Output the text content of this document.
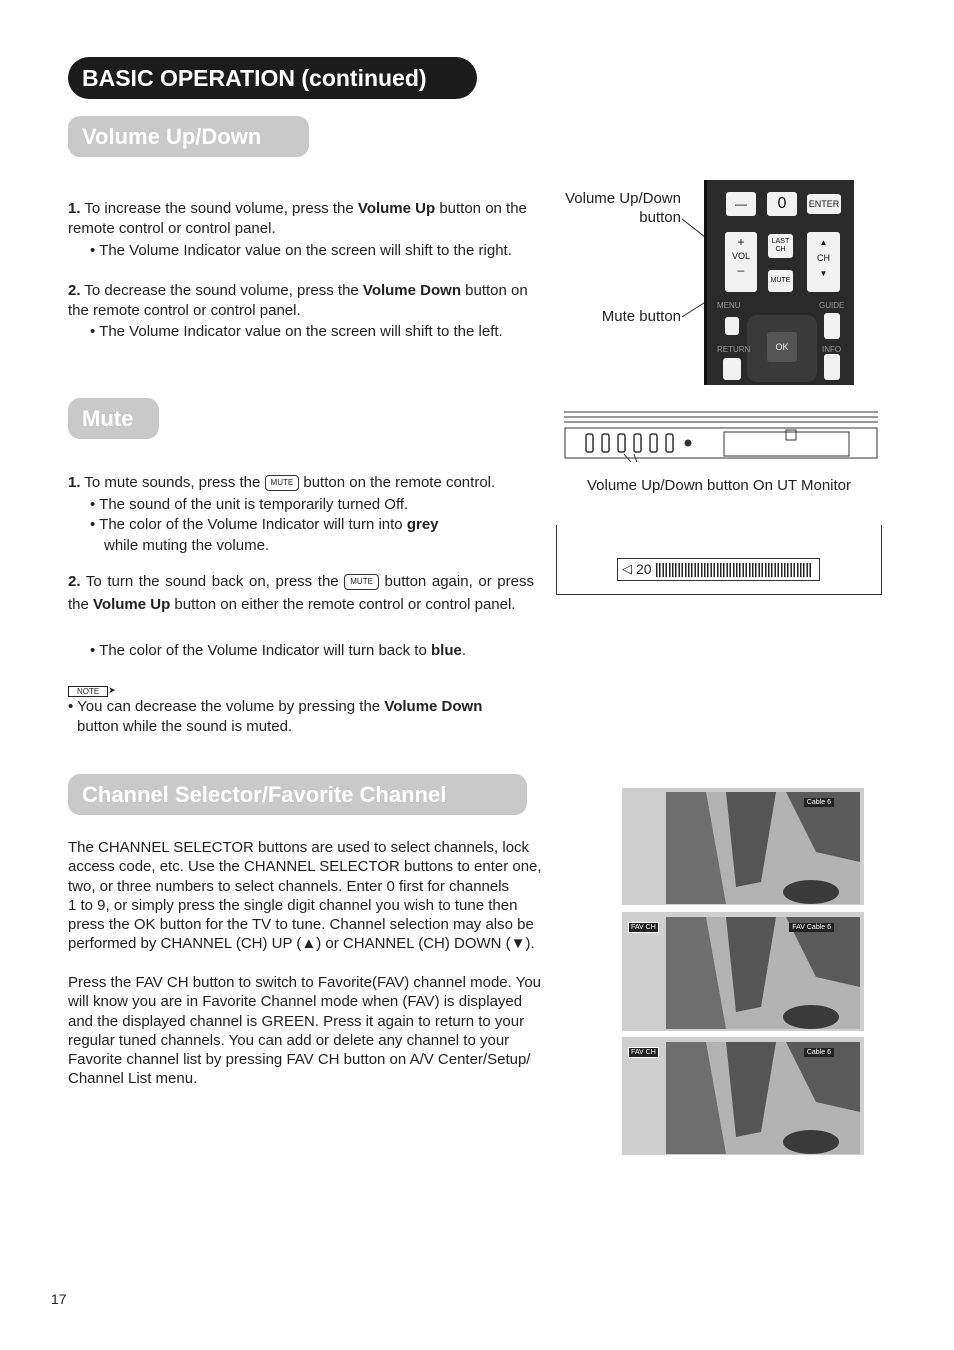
BASIC OPERATION (continued)
Volume Up/Down
1. To increase the sound volume, press the Volume Up button on the remote control or control panel.
• The Volume Indicator value on the screen will shift to the right.
2. To decrease the sound volume, press the Volume Down button on the remote control or control panel.
• The Volume Indicator value on the screen will shift to the left.
Volume Up/Down button
Mute button
—	0	ENTER
+
VOL
–
LAST CH
MUTE
▲
CH
▼
MENU	GUIDE
OK
RETURN	INFO
Volume Up/Down button On UT Monitor
◁ 20
Mute
1. To mute sounds, press the MUTE button on the remote control.
• The sound of the unit is temporarily turned Off.
• The color of the Volume Indicator will turn into grey
while muting the volume.
2. To turn the sound back on, press the MUTE button again, or press the Volume Up button on either the remote control or control panel.
• The color of the Volume Indicator will turn back to blue.
NOTE ➤
• You can decrease the volume by pressing the Volume Down
button while the sound is muted.
Channel Selector/Favorite Channel
The CHANNEL SELECTOR buttons are used to select channels, lock
access code, etc. Use the CHANNEL SELECTOR buttons to enter one,
two, or three numbers to select channels. Enter 0 first for channels
1 to 9, or simply press the single digit channel you wish to tune then
press the OK button for the TV to tune. Channel selection may also be
performed by CHANNEL (CH) UP (▲) or CHANNEL (CH) DOWN (▼).
Press the FAV CH button to switch to Favorite(FAV) channel mode. You
will know you are in Favorite Channel mode when (FAV) is displayed
and the displayed channel is GREEN. Press it again to return to your
regular tuned channels. You can add or delete any channel to your
Favorite channel list by pressing FAV CH button on A/V Center/Setup/
Channel List menu.
Cable 6
FAV CH	FAV Cable 6
FAV CH	Cable 6
17
